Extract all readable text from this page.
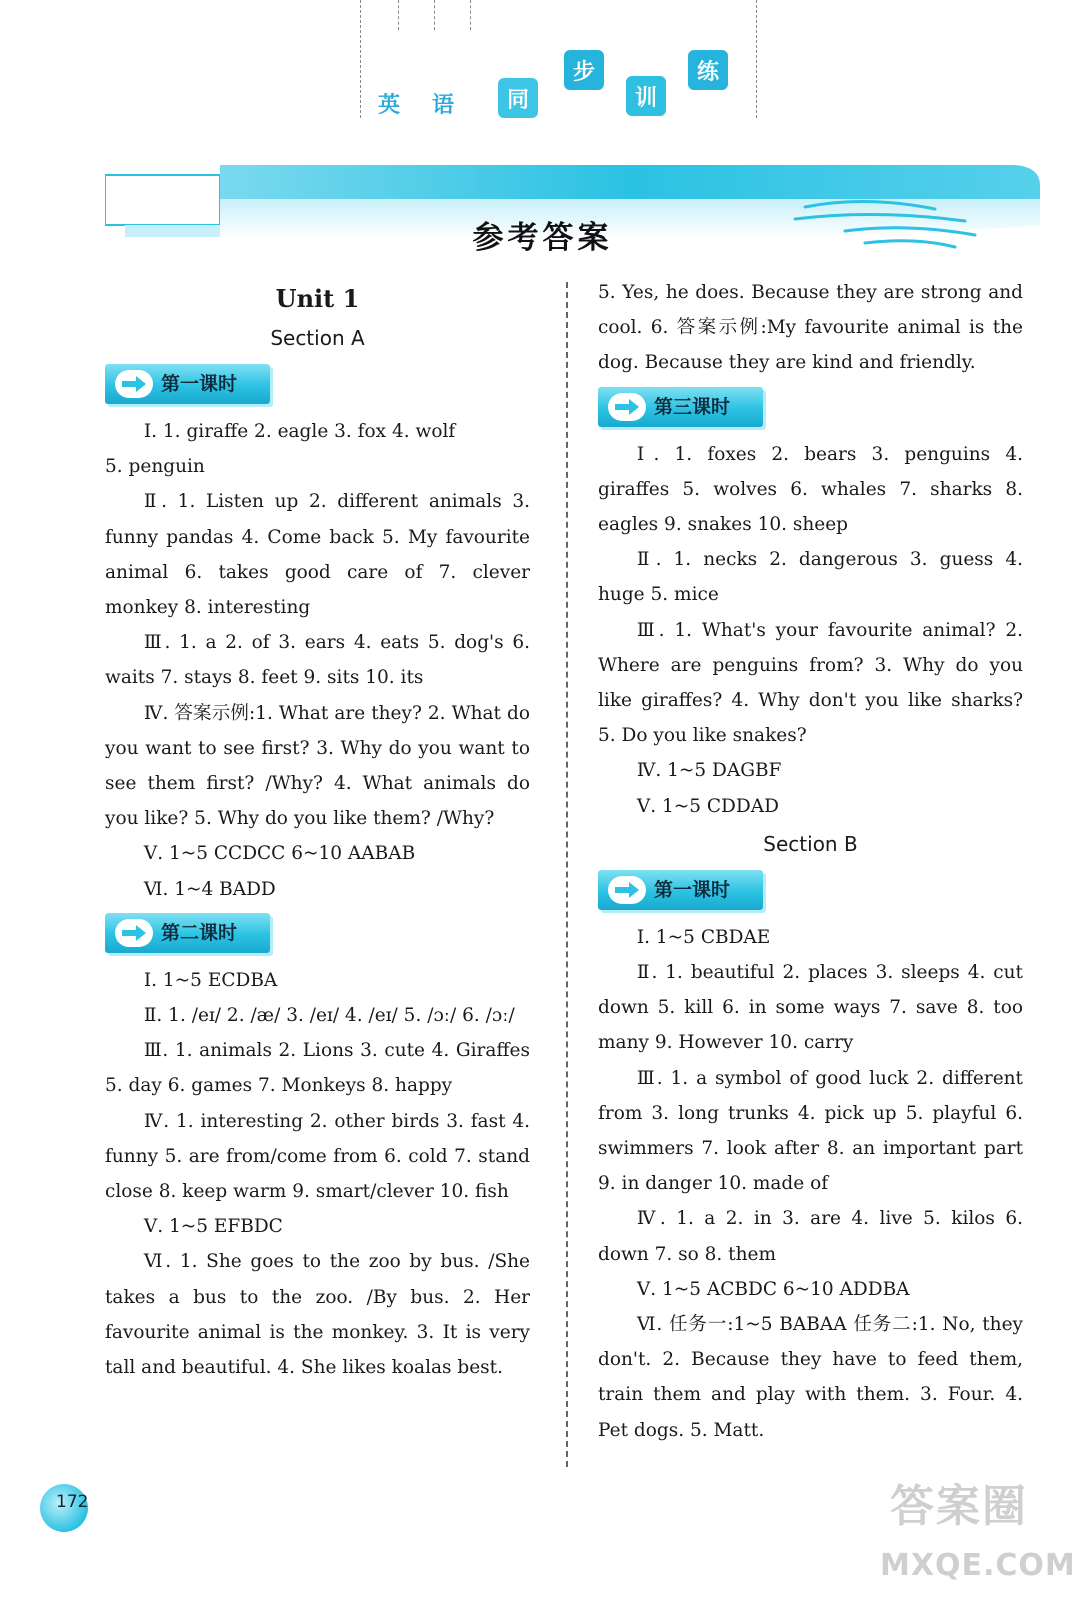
英 语	同
步
训
练
参考答案
Unit 1
Section A
第一课时

Ⅰ. 1. giraffe 2. eagle 3. fox 4. wolf

5. penguin

Ⅱ. 1. Listen up 2. different animals 3. funny pandas 4. Come back 5. My favourite animal 6. takes good care of 7. clever monkey 8. interesting

Ⅲ. 1. a 2. of 3. ears 4. eats 5. dog's 6. waits 7. stays 8. feet 9. sits 10. its

Ⅳ. 答案示例:1. What are they? 2. What do you want to see first? 3. Why do you want to see them first? /Why? 4. What animals do you like? 5. Why do you like them? /Why?

Ⅴ. 1~5 CCDCC 6~10 AABAB

Ⅵ. 1~4 BADD

第二课时

Ⅰ. 1~5 ECDBA

Ⅱ. 1. /eɪ/ 2. /æ/ 3. /eɪ/ 4. /eɪ/ 5. /ɔː/ 6. /ɔː/

Ⅲ. 1. animals 2. Lions 3. cute 4. Giraffes 5. day 6. games 7. Monkeys 8. happy

Ⅳ. 1. interesting 2. other birds 3. fast 4. funny 5. are from/come from 6. cold 7. stand close 8. keep warm 9. smart/clever 10. fish

Ⅴ. 1~5 EFBDC

Ⅵ. 1. She goes to the zoo by bus. /She takes a bus to the zoo. /By bus. 2. Her favourite animal is the monkey. 3. It is very tall and beautiful. 4. She likes koalas best.

5. Yes, he does. Because they are strong and cool. 6. 答案示例:My favourite animal is the dog. Because they are kind and friendly.

第三课时

Ⅰ. 1. foxes 2. bears 3. penguins 4. giraffes 5. wolves 6. whales 7. sharks 8. eagles 9. snakes 10. sheep

Ⅱ. 1. necks 2. dangerous 3. guess 4. huge 5. mice

Ⅲ. 1. What's your favourite animal? 2. Where are penguins from? 3. Why do you like giraffes? 4. Why don't you like sharks? 5. Do you like snakes?

Ⅳ. 1~5 DAGBF

Ⅴ. 1~5 CDDAD

Section B
第一课时

Ⅰ. 1~5 CBDAE

Ⅱ. 1. beautiful 2. places 3. sleeps 4. cut down 5. kill 6. in some ways 7. save 8. too many 9. However 10. carry

Ⅲ. 1. a symbol of good luck 2. different from 3. long trunks 4. pick up 5. playful 6. swimmers 7. look after 8. an important part 9. in danger 10. made of

Ⅳ. 1. a 2. in 3. are 4. live 5. kilos 6. down 7. so 8. them

Ⅴ. 1~5 ACBDC 6~10 ADDBA

Ⅵ. 任务一:1~5 BABAA 任务二:1. No, they don't. 2. Because they have to feed them, train them and play with them. 3. Four. 4. Pet dogs. 5. Matt.

172	答案圈
MXQE.COM
